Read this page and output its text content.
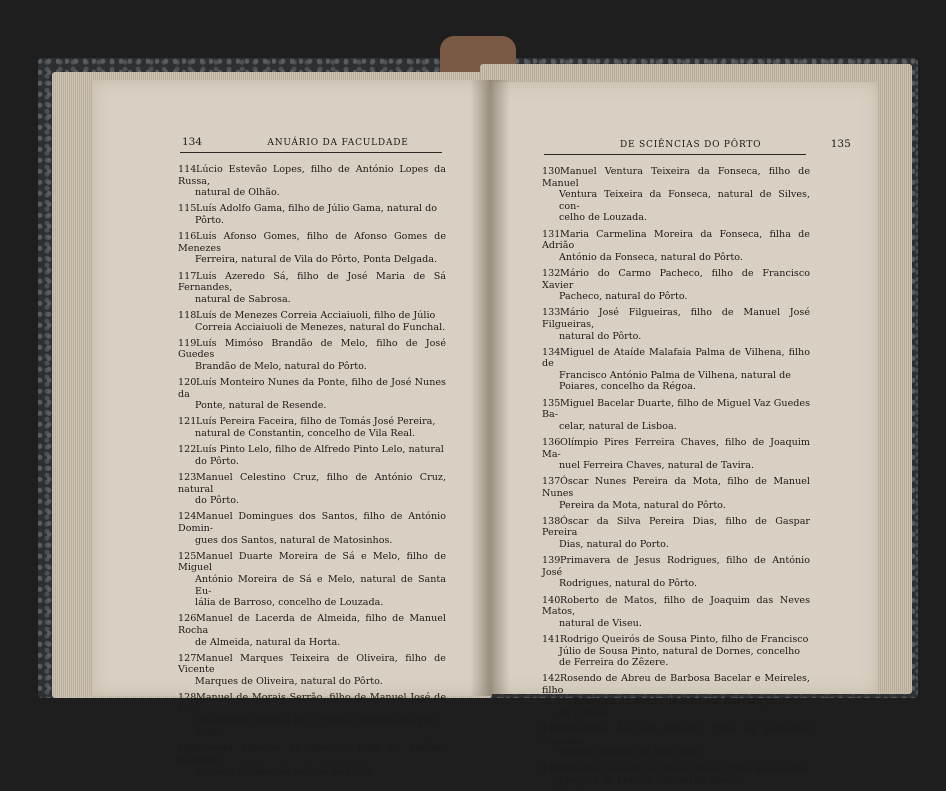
134	ANUÁRIO DA FACULDADE
114Lúcio Estevão Lopes, filho de António Lopes da Russa,
natural de Olhão.
115Luís Adolfo Gama, filho de Júlio Gama, natural do
Pôrto.
116Luís Afonso Gomes, filho de Afonso Gomes de Menezes
Ferreira, natural de Vila do Pôrto, Ponta Delgada.
117Luís Azeredo Sá, filho de José Maria de Sá Fernandes,
natural de Sabrosa.
118Luís de Menezes Correia Acciaiuoli, filho de Júlio
Correia Acciaiuoli de Menezes, natural do Funchal.
119Luís Mimóso Brandão de Melo, filho de José Guedes
Brandão de Melo, natural do Pôrto.
120Luís Monteiro Nunes da Ponte, filho de José Nunes da
Ponte, natural de Resende.
121Luís Pereira Faceira, filho de Tomás José Pereira,
natural de Constantin, concelho de Vila Real.
122Luís Pinto Lelo, filho de Alfredo Pinto Lelo, natural
do Pôrto.
123Manuel Celestino Cruz, filho de António Cruz, natural
do Pôrto.
124Manuel Domingues dos Santos, filho de António Domin-
gues dos Santos, natural de Matosinhos.
125Manuel Duarte Moreira de Sá e Melo, filho de Miguel
António Moreira de Sá e Melo, natural de Santa Eu-
lália de Barroso, concelho de Louzada.
126Manuel de Lacerda de Almeida, filho de Manuel Rocha
de Almeida, natural da Horta.
127Manuel Marques Teixeira de Oliveira, filho de Vicente
Marques de Oliveira, natural do Pôrto.
128Manuel de Morais Serrão, filho de Manuel José de Mo-
rais Serrão, natural de S. Pedro, concelho de Vila
Real.
129Manuel Moreira do Amaral, filho de António Augusto
Moreira do Amaral, natural do Pôrto.
DE SCIÊNCIAS DO PÔRTO	135
130Manuel Ventura Teixeira da Fonseca, filho de Manuel
Ventura Teixeira da Fonseca, natural de Silves, con-
celho de Louzada.
131Maria Carmelina Moreira da Fonseca, filha de Adrião
António da Fonseca, natural do Pôrto.
132Mário do Carmo Pacheco, filho de Francisco Xavier
Pacheco, natural do Pôrto.
133Mário José Filgueiras, filho de Manuel José Filgueiras,
natural do Pôrto.
134Miguel de Ataíde Malafaia Palma de Vilhena, filho de
Francisco António Palma de Vilhena, natural de
Poiares, concelho da Régoa.
135Miguel Bacelar Duarte, filho de Miguel Vaz Guedes Ba-
celar, natural de Lisboa.
136Olímpio Pires Ferreira Chaves, filho de Joaquim Ma-
nuel Ferreira Chaves, natural de Tavira.
137Óscar Nunes Pereira da Mota, filho de Manuel Nunes
Pereira da Mota, natural do Pôrto.
138Óscar da Silva Pereira Dias, filho de Gaspar Pereira
Dias, natural do Porto.
139Primavera de Jesus Rodrigues, filho de António José
Rodrigues, natural do Pôrto.
140Roberto de Matos, filho de Joaquim das Neves Matos,
natural de Viseu.
141Rodrigo Queirós de Sousa Pinto, filho de Francisco
Júlio de Sousa Pinto, natural de Dornes, concelho
de Ferreira do Zêzere.
142Rosendo de Abreu de Barbosa Bacelar e Meireles, filho
de Rosendo de Abreu de Barbosa Bacelar, natural
de Lisboa.
143Sebastião Augusto Ribeiro, filho de Jerónimo Augusto
Ribeiro, natural de Vila Real.
144Serafim Joaquim de Morais Júnior, filho de Serafim
Joaquim de Morais, natural do Pôrto.
